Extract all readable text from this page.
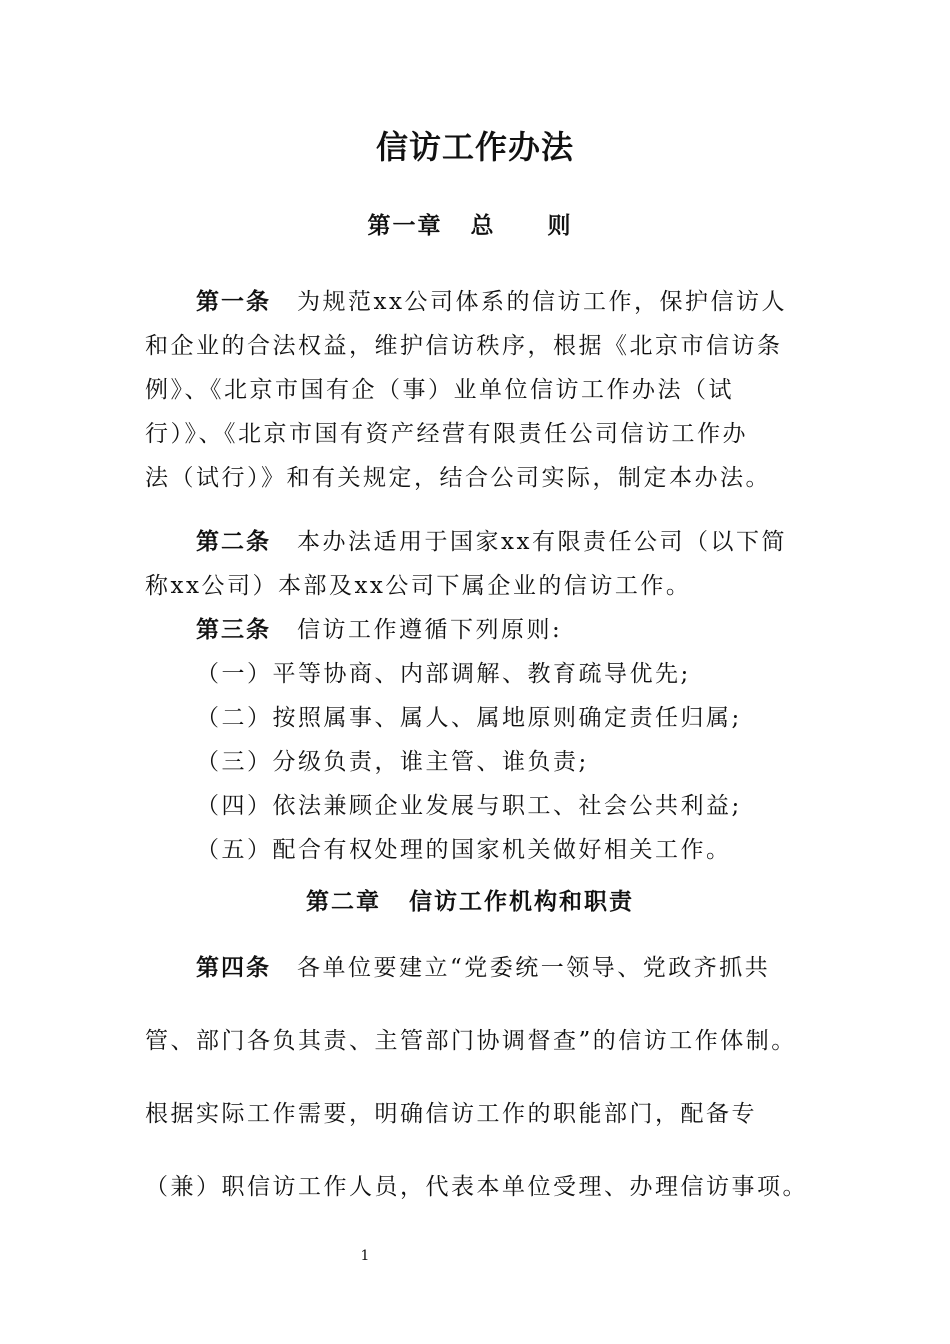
信访工作办法
第一章 总 则
第一条 为规范xx公司体系的信访工作，保护信访人
和企业的合法权益，维护信访秩序，根据《北京市信访条
例》、《北京市国有企（事）业单位信访工作办法（试
行）》、《北京市国有资产经营有限责任公司信访工作办
法（试行）》和有关规定，结合公司实际，制定本办法。
第二条 本办法适用于国家xx有限责任公司（以下简
称xx公司）本部及xx公司下属企业的信访工作。
第三条 信访工作遵循下列原则:
（一）平等协商、内部调解、教育疏导优先;
（二）按照属事、属人、属地原则确定责任归属;
（三）分级负责，谁主管、谁负责;
（四）依法兼顾企业发展与职工、社会公共利益;
（五）配合有权处理的国家机关做好相关工作。
第二章 信访工作机构和职责
第四条 各单位要建立“党委统一领导、党政齐抓共
管、部门各负其责、主管部门协调督查”的信访工作体制。
根据实际工作需要，明确信访工作的职能部门，配备专
（兼）职信访工作人员，代表本单位受理、办理信访事项。
1
